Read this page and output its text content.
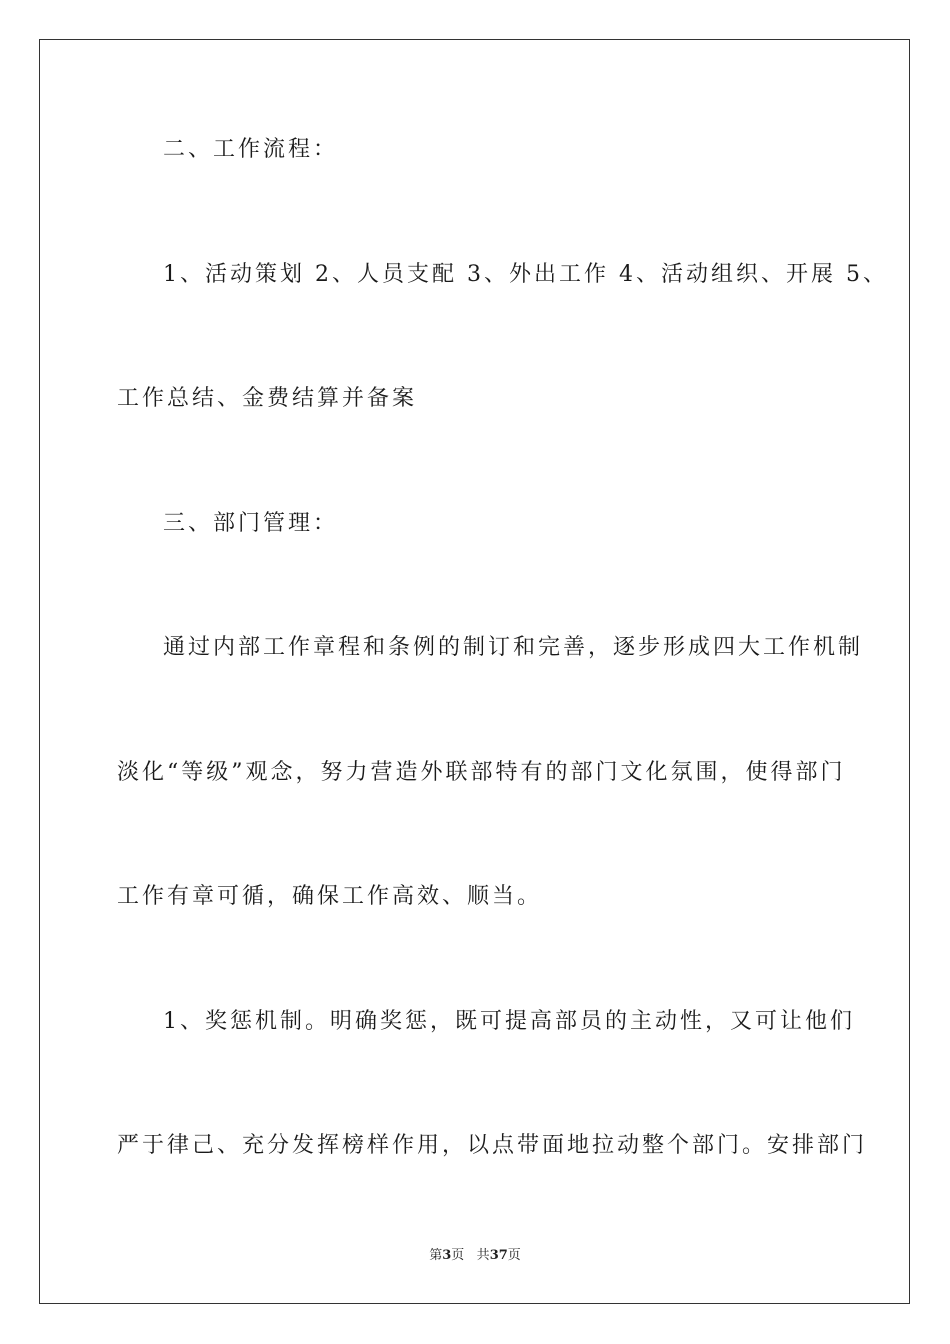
二、工作流程：
1、活动策划 2、人员支配 3、外出工作 4、活动组织、开展 5、
工作总结、金费结算并备案
三、部门管理：
通过内部工作章程和条例的制订和完善，逐步形成四大工作机制
淡化“等级”观念，努力营造外联部特有的部门文化氛围，使得部门
工作有章可循，确保工作高效、顺当。
1、奖惩机制。明确奖惩，既可提高部员的主动性，又可让他们
严于律己、充分发挥榜样作用，以点带面地拉动整个部门。安排部门
第3页 共37页
